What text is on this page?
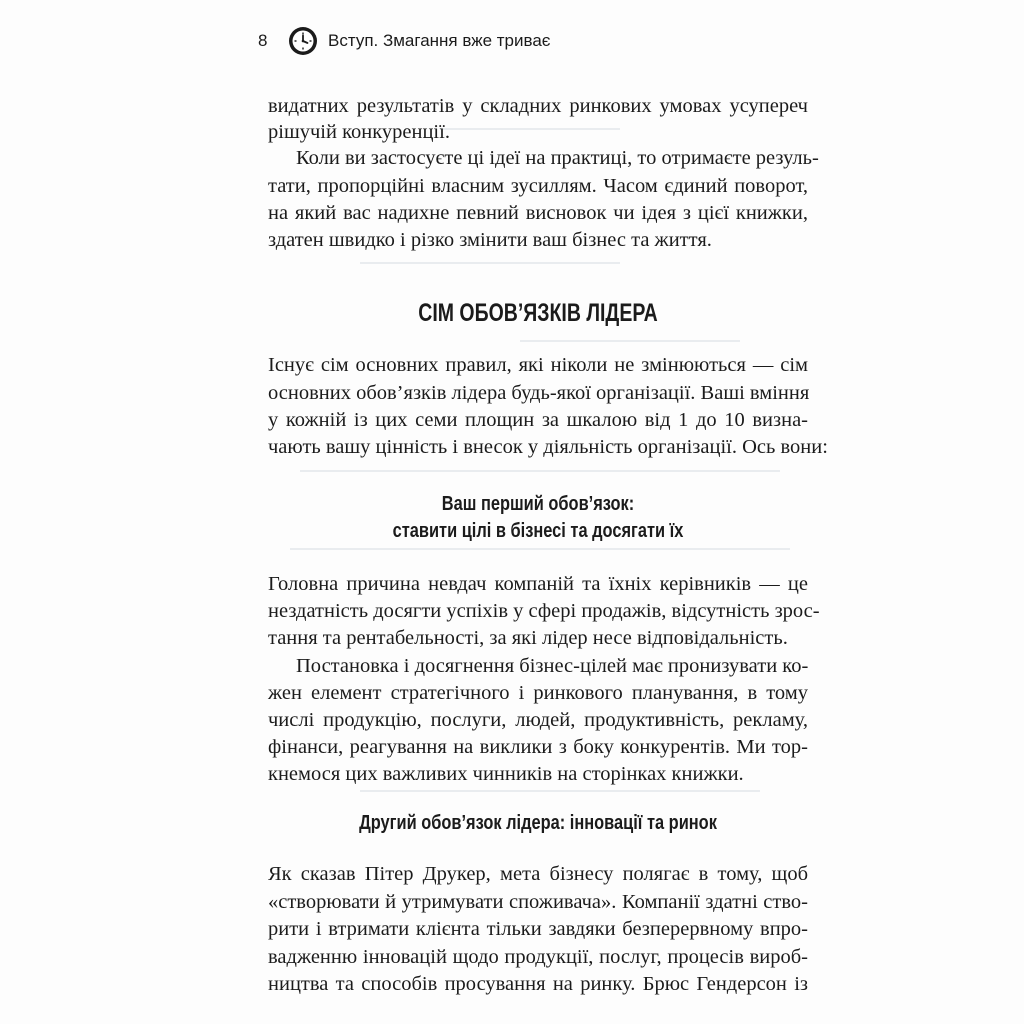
8	Вступ. Змагання вже триває
видатних результатів у складних ринкових умовах усупереч
рішучій конкуренції.
Коли ви застосуєте ці ідеї на практиці, то отримаєте резуль-
тати, пропорційні власним зусиллям. Часом єдиний поворот,
на який вас надихне певний висновок чи ідея з цієї книжки,
здатен швидко і різко змінити ваш бізнес та життя.
СІМ ОБОВ’ЯЗКІВ ЛІДЕРА
Існує сім основних правил, які ніколи не змінюються — сім
основних обов’язків лідера будь-якої організації. Ваші вміння
у кожній із цих семи площин за шкалою від 1 до 10 визна-
чають вашу цінність і внесок у діяльність організації. Ось вони:
Ваш перший обов’язок:
ставити цілі в бізнесі та досягати їх
Головна причина невдач компаній та їхніх керівників — це
нездатність досягти успіхів у сфері продажів, відсутність зрос-
тання та рентабельності, за які лідер несе відповідальність.
Постановка і досягнення бізнес-цілей має пронизувати ко-
жен елемент стратегічного і ринкового планування, в тому
числі продукцію, послуги, людей, продуктивність, рекламу,
фінанси, реагування на виклики з боку конкурентів. Ми тор-
кнемося цих важливих чинників на сторінках книжки.
Другий обов’язок лідера: інновації та ринок
Як сказав Пітер Друкер, мета бізнесу полягає в тому, щоб
«створювати й утримувати споживача». Компанії здатні ство-
рити і втримати клієнта тільки завдяки безперервному впро-
вадженню інновацій щодо продукції, послуг, процесів вироб-
ництва та способів просування на ринку. Брюс Гендерсон із
